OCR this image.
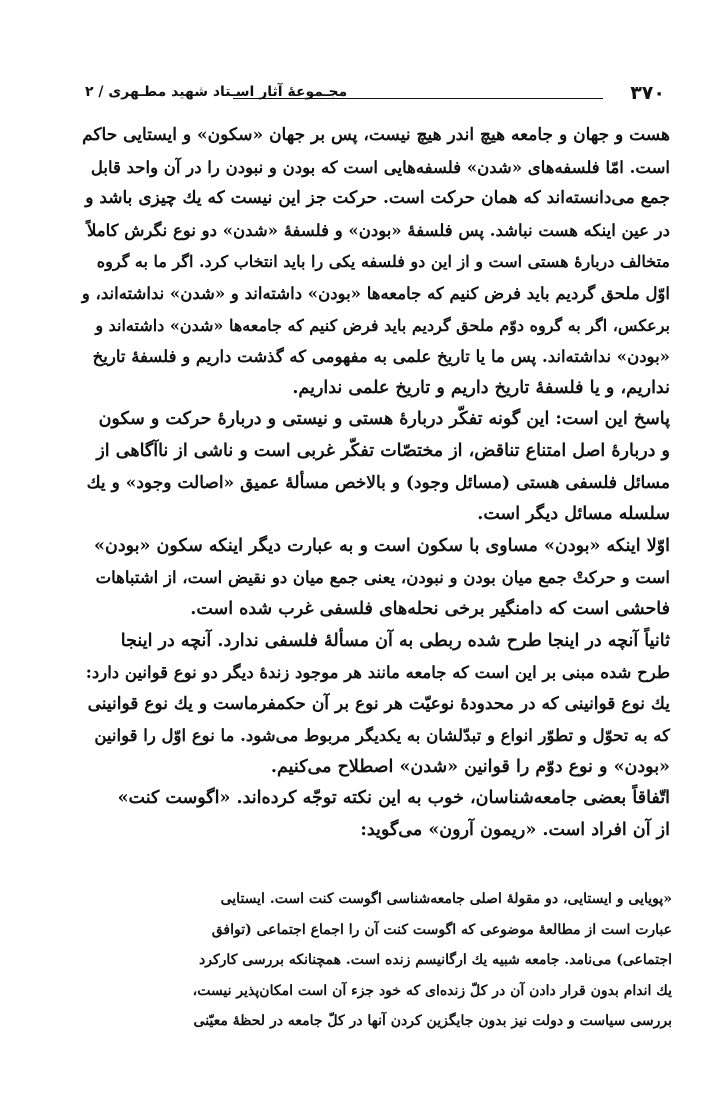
۳۷۰
مجـموعهٔ آثار اسـتاد شهید مطـهری / ۲
هست و جهان و جامعه هیچ اندر هیچ نیست، پس بر جهان «سکون» و ایستایی حاکم
است. امّا فلسفه‌های «شدن» فلسفه‌هایی است که بودن و نبودن را در آن واحد قابل
جمع می‌دانسته‌اند که همان حرکت است. حرکت جز این نیست که یك چیزی باشد و
در عین اینکه هست نباشد. پس فلسفهٔ «بودن» و فلسفهٔ «شدن» دو نوع نگرش کاملاً
متخالف دربارهٔ هستی است و از این دو فلسفه یکی را باید انتخاب کرد. اگر ما به گروه
اوّل ملحق گردیم باید فرض کنیم که جامعه‌ها «بودن» داشته‌اند و «شدن» نداشته‌اند، و
برعکس، اگر به گروه دوّم ملحق گردیم باید فرض کنیم که جامعه‌ها «شدن» داشته‌اند و
«بودن» نداشته‌اند. پس ما یا تاریخ علمی به مفهومی که گذشت داریم و فلسفهٔ تاریخ
نداریم، و یا فلسفهٔ تاریخ داریم و تاریخ علمی نداریم.
پاسخ این است: این گونه تفکّر دربارهٔ هستی و نیستی و دربارهٔ حرکت و سکون
و دربارهٔ اصل امتناع تناقض، از مختصّات تفکّر غربی است و ناشی از ناآگاهی از
مسائل فلسفی هستی (مسائل وجود) و بالاخص مسألهٔ عمیق «اصالت وجود» و یك
سلسله مسائل دیگر است.
اوّلا اینکه «بودن» مساوی با سکون است و به عبارت دیگر اینکه سکون «بودن»
است و حرکتْ جمع میان بودن و نبودن، یعنی جمع میان دو نقیض است، از اشتباهات
فاحشی است که دامنگیر برخی نحله‌های فلسفی غرب شده است.
ثانیاً آنچه در اینجا طرح شده ربطی به آن مسألهٔ فلسفی ندارد. آنچه در اینجا
طرح شده مبنی بر این است که جامعه مانند هر موجود زندهٔ دیگر دو نوع قوانین دارد:
یك نوع قوانینی که در محدودهٔ نوعیّت هر نوع بر آن حکمفرماست و یك نوع قوانینی
که به تحوّل و تطوّر انواع و تبدّلشان به یکدیگر مربوط می‌شود. ما نوع اوّل را قوانین
«بودن» و نوع دوّم را قوانین «شدن» اصطلاح می‌کنیم.
اتّفاقاً بعضی جامعه‌شناسان، خوب به این نکته توجّه کرده‌اند. «اگوست کنت»
از آن افراد است. «ریمون آرون» می‌گوید:
«پویایی و ایستایی، دو مقولهٔ اصلی جامعه‌شناسی اگوست کنت است. ایستایی
عبارت است از مطالعهٔ موضوعی که اگوست کنت آن را اجماع اجتماعی (توافق
اجتماعی) می‌نامد. جامعه شبیه یك ارگانیسم زنده است. همچنانکه بررسی کارکرد
یك اندام بدون قرار دادن آن در کلّ زنده‌ای که خود جزء آن است امکان‌پذیر نیست،
بررسی سیاست و دولت نیز بدون جایگزین کردن آنها در کلّ جامعه در لحظهٔ معیّنی
